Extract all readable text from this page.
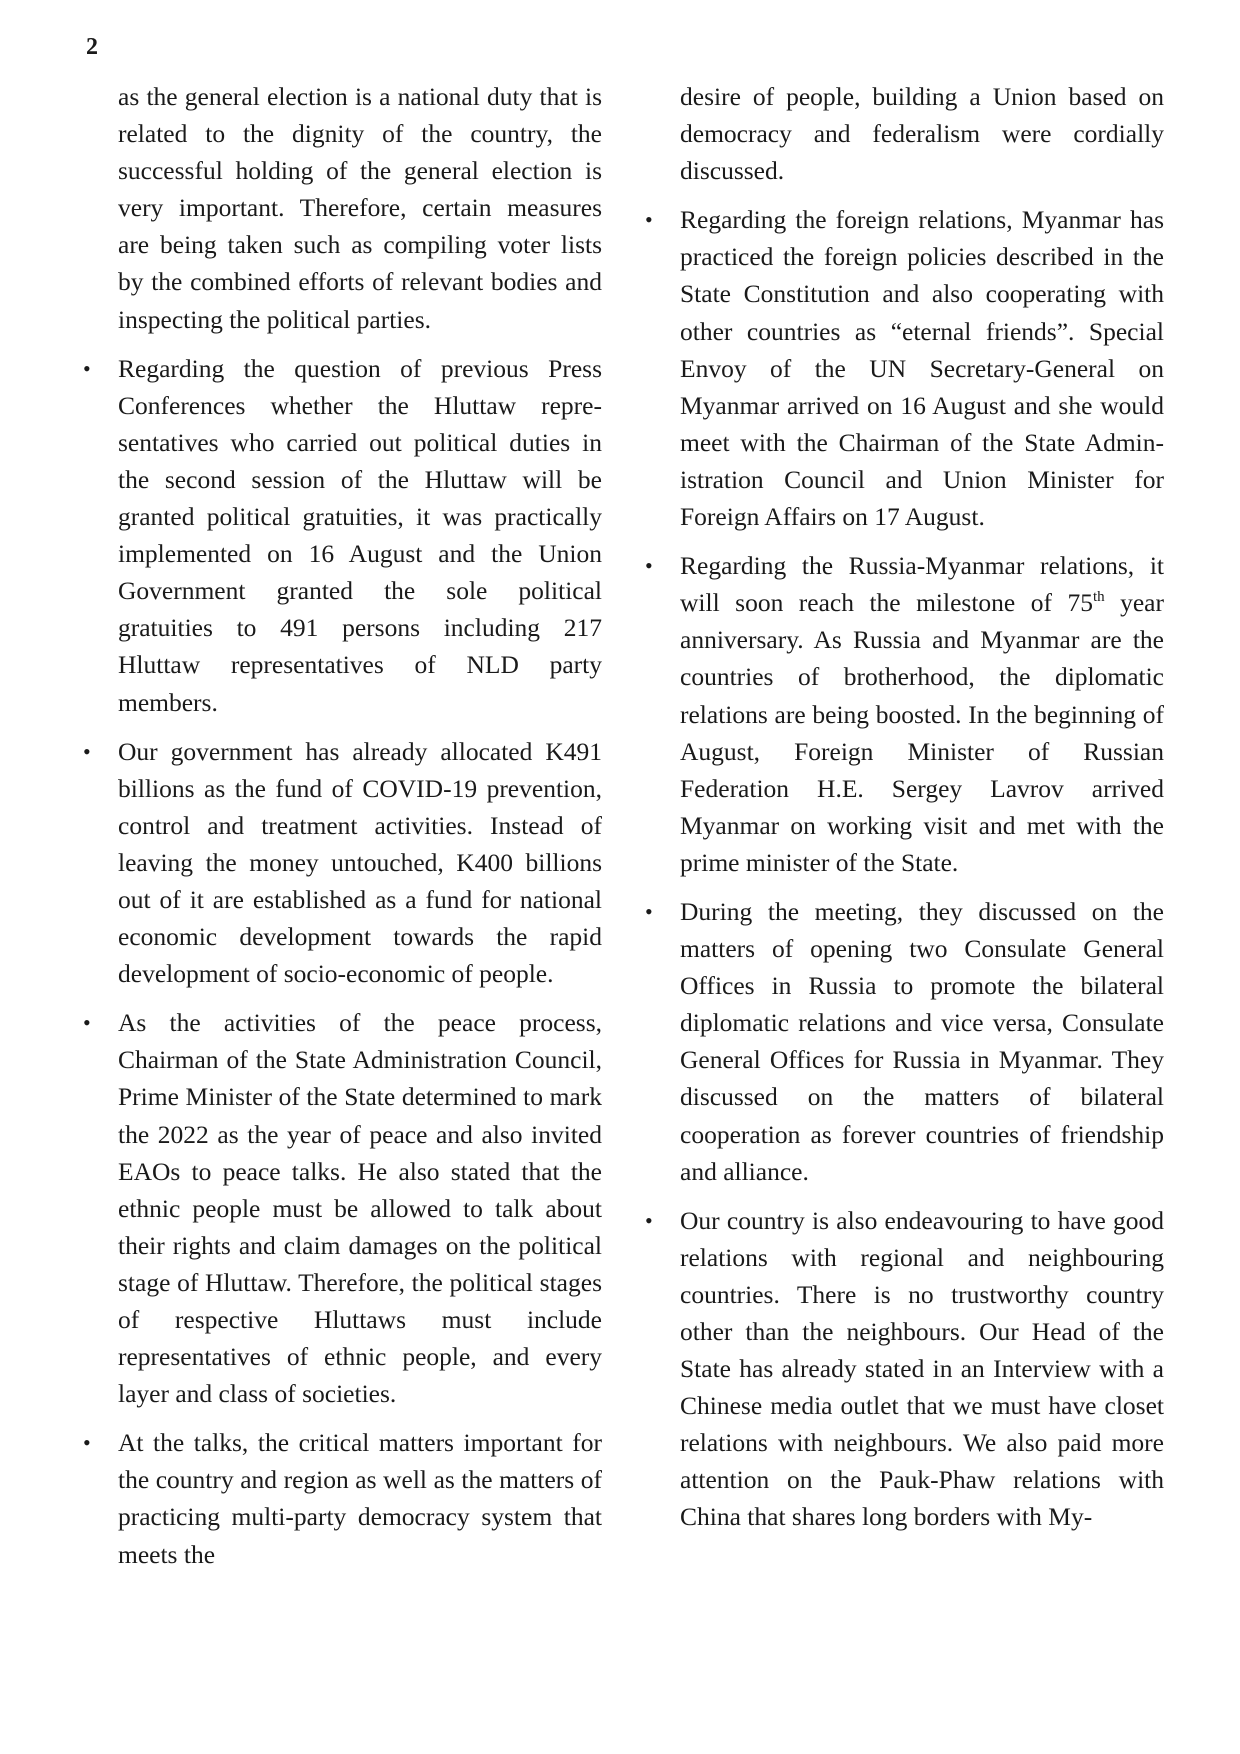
2

as the general election is a national duty that is related to the dignity of the country, the successful holding of the general election is very important. Therefore, certain measures are being taken such as compiling voter lists by the combined efforts of relevant bodies and inspecting the political parties.

• Regarding the question of previous Press Conferences whether the Hluttaw representatives who carried out political duties in the second session of the Hluttaw will be granted political gratuities, it was practically implemented on 16 August and the Union Government granted the sole political gratuities to 491 persons including 217 Hluttaw representatives of NLD party members.

• Our government has already allocated K491 billions as the fund of COVID-19 prevention, control and treatment activities. Instead of leaving the money untouched, K400 billions out of it are established as a fund for national economic development towards the rapid development of socio-economic of people.

• As the activities of the peace process, Chairman of the State Administration Council, Prime Minister of the State determined to mark the 2022 as the year of peace and also invited EAOs to peace talks. He also stated that the ethnic people must be allowed to talk about their rights and claim damages on the political stage of Hluttaw. Therefore, the political stages of respective Hluttaws must include representatives of ethnic people, and every layer and class of societies.

• At the talks, the critical matters important for the country and region as well as the matters of practicing multi-party democracy system that meets the

desire of people, building a Union based on democracy and federalism were cordially discussed.

• Regarding the foreign relations, Myanmar has practiced the foreign policies described in the State Constitution and also cooperating with other countries as “eternal friends”. Special Envoy of the UN Secretary-General on Myanmar arrived on 16 August and she would meet with the Chairman of the State Administration Council and Union Minister for Foreign Affairs on 17 August.

• Regarding the Russia-Myanmar relations, it will soon reach the milestone of 75th year anniversary. As Russia and Myanmar are the countries of brotherhood, the diplomatic relations are being boosted. In the beginning of August, Foreign Minister of Russian Federation H.E. Sergey Lavrov arrived Myanmar on working visit and met with the prime minister of the State.

• During the meeting, they discussed on the matters of opening two Consulate General Offices in Russia to promote the bilateral diplomatic relations and vice versa, Consulate General Offices for Russia in Myanmar. They discussed on the matters of bilateral cooperation as forever countries of friendship and alliance.

• Our country is also endeavouring to have good relations with regional and neighbouring countries. There is no trustworthy country other than the neighbours. Our Head of the State has already stated in an Interview with a Chinese media outlet that we must have closet relations with neighbours. We also paid more attention on the Pauk-Phaw relations with China that shares long borders with My-
